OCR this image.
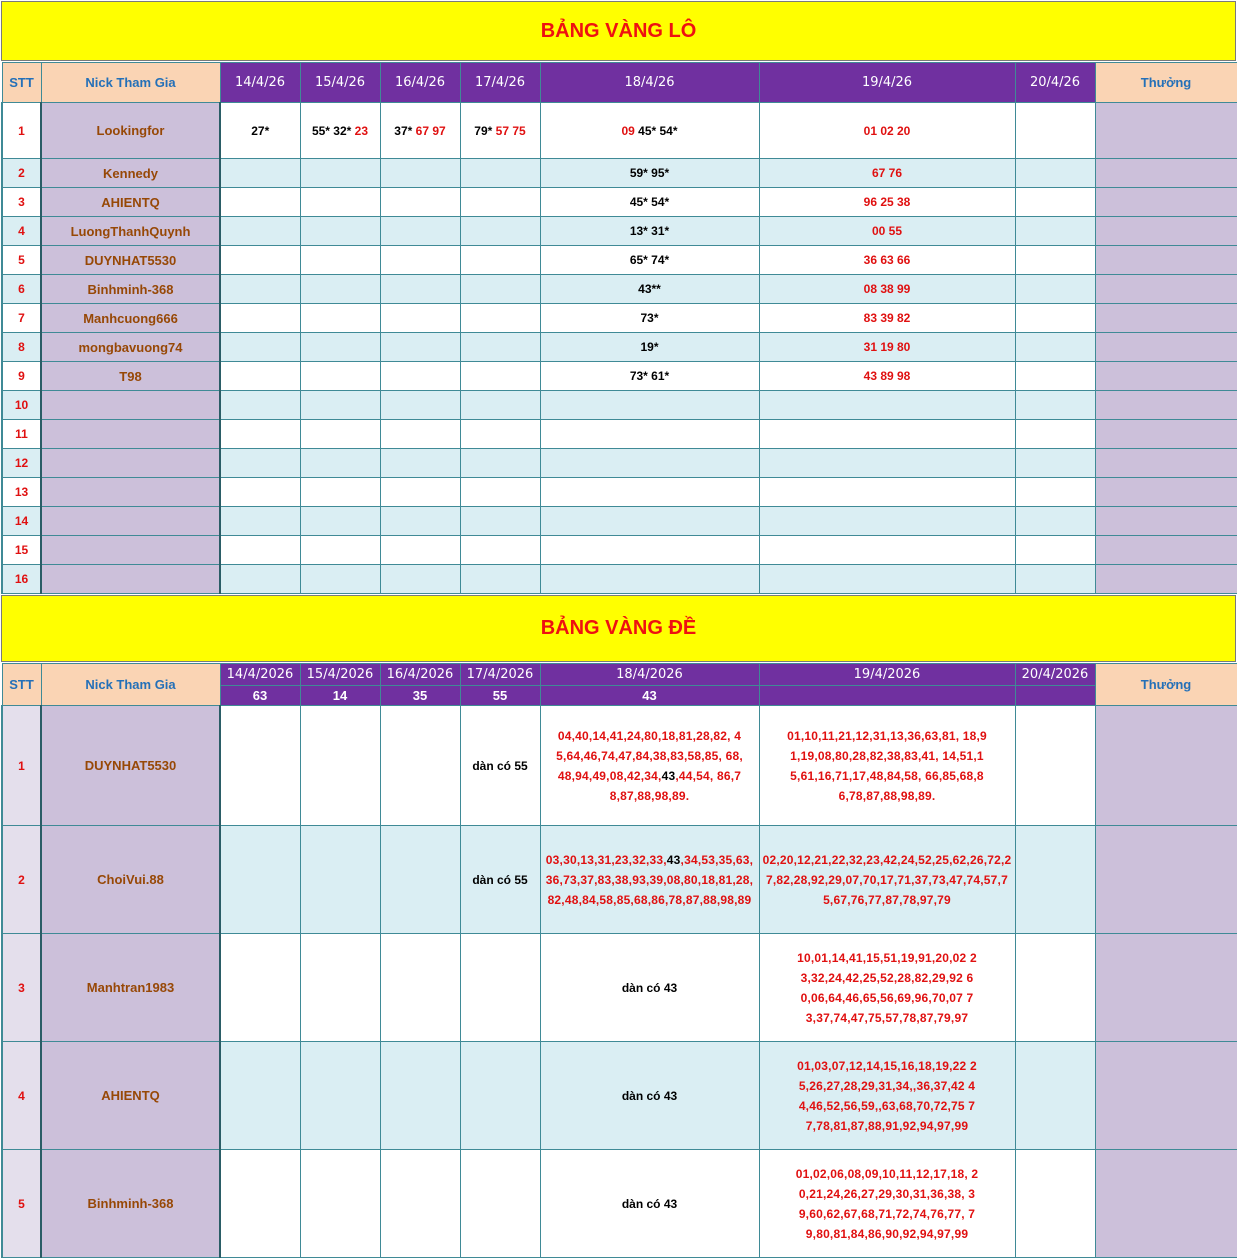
BẢNG VÀNG LÔ
STT	Nick Tham Gia	14/4/26	15/4/26	16/4/26	17/4/26	18/4/26	19/4/26	20/4/26	Thưởng
1	Lookingfor	27*	55* 32* 23	37* 67 97	79* 57 75	09 45* 54*	01 02 20		
2	Kennedy					59* 95*	67 76		
3	AHIENTQ					45* 54*	96 25 38		
4	LuongThanhQuynh					13* 31*	00 55		
5	DUYNHAT5530					65* 74*	36 63 66		
6	Binhminh-368					43**	08 38 99		
7	Manhcuong666					73*	83 39 82		
8	mongbavuong74					19*	31 19 80		
9	T98					73* 61*	43 89 98		
10									
11									
12									
13									
14									
15									
16									
BẢNG VÀNG ĐỀ
STT	Nick Tham Gia	14/4/2026	15/4/2026	16/4/2026	17/4/2026	18/4/2026	19/4/2026	20/4/2026	Thưởng
		63	14	35	55	43			
1	DUYNHAT5530				dàn có 55	04,40,14,41,24,80,18,81,28,82, 45,64,46,74,47,84,38,83,58,85, 68,48,94,49,08,42,34,43,44,54, 86,78,87,88,98,89.	01,10,11,21,12,31,13,36,63,81, 18,91,19,08,80,28,82,38,83,41, 14,51,15,61,16,71,17,48,84,58, 66,85,68,86,78,87,88,98,89.		

2	ChoiVui.88				dàn có 55	03,30,13,31,23,32,33,43,34,53,35,63,36,73,37,83,38,93,39,08,80,18,81,28,82,48,84,58,85,68,86,78,87,88,98,89	02,20,12,21,22,32,23,42,24,52,25,62,26,72,27,82,28,92,29,07,70,17,71,37,73,47,74,57,75,67,76,77,87,78,97,79		

3	Manhtran1983					dàn có 43	10,01,14,41,15,51,19,91,20,02 23,32,24,42,25,52,28,82,29,92 60,06,64,46,65,56,69,96,70,07 73,37,74,47,75,57,78,87,79,97		

4	AHIENTQ					dàn có 43	01,03,07,12,14,15,16,18,19,22 25,26,27,28,29,31,34,,36,37,42 44,46,52,56,59,,63,68,70,72,75 77,78,81,87,88,91,92,94,97,99		

5	Binhminh-368					dàn có 43	01,02,06,08,09,10,11,12,17,18, 20,21,24,26,27,29,30,31,36,38, 39,60,62,67,68,71,72,74,76,77, 79,80,81,84,86,90,92,94,97,99		
